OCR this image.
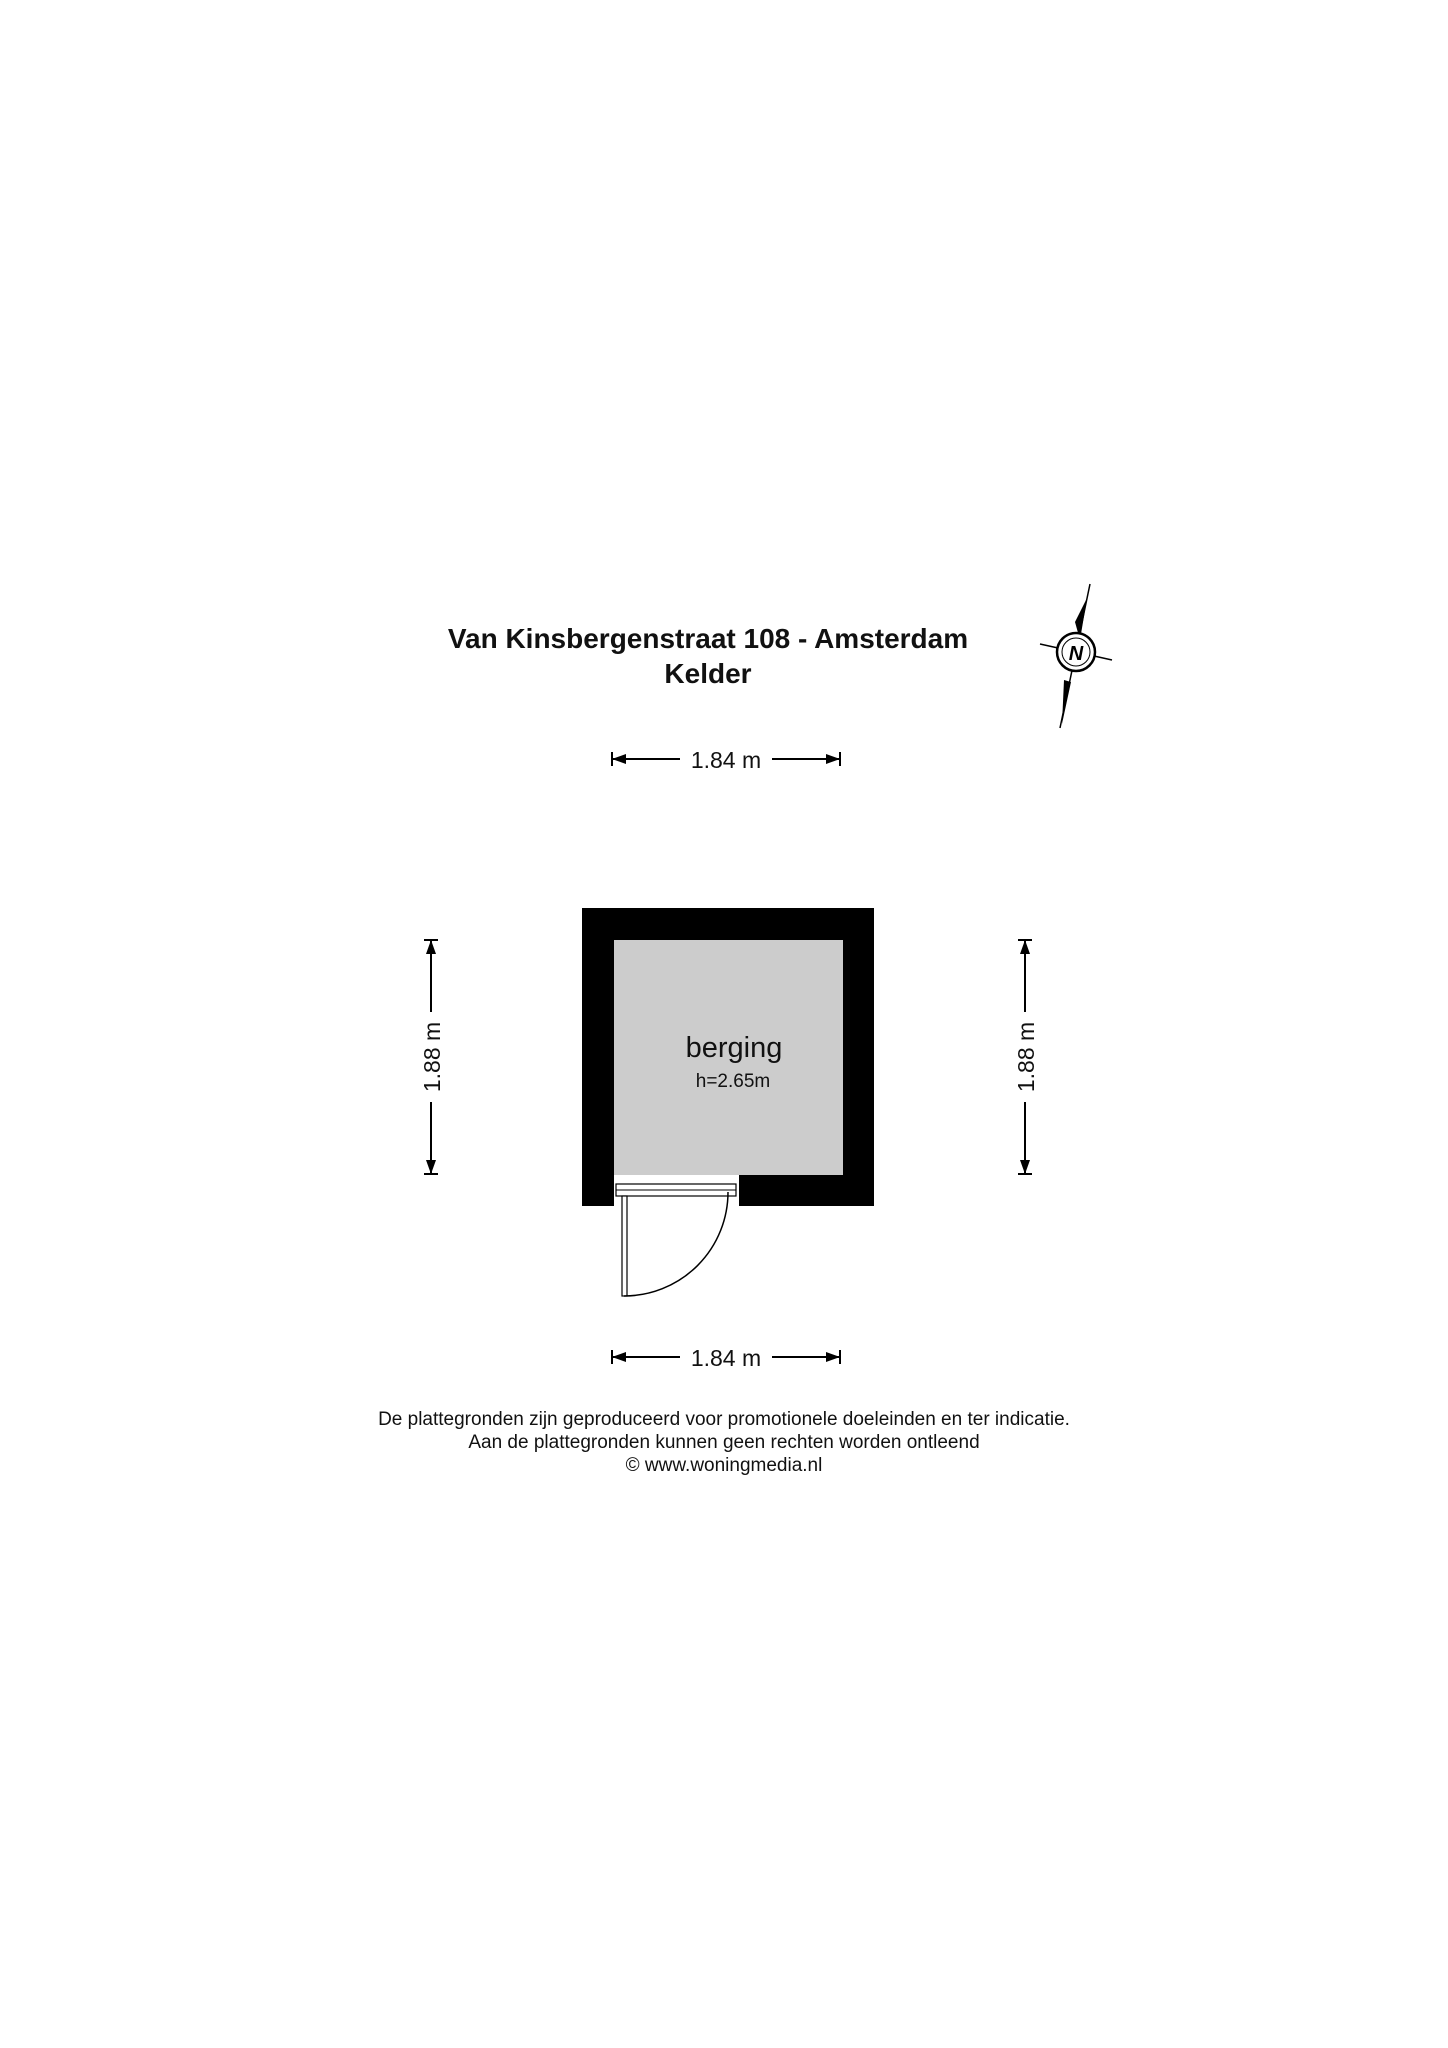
Van Kinsbergenstraat 108 - Amsterdam
Kelder
N
1.84 m
1.84 m
1.88 m	1.88 m
berging
h=2.65m
De plattegronden zijn geproduceerd voor promotionele doeleinden en ter indicatie.
Aan de plattegronden kunnen geen rechten worden ontleend
© www.woningmedia.nl
